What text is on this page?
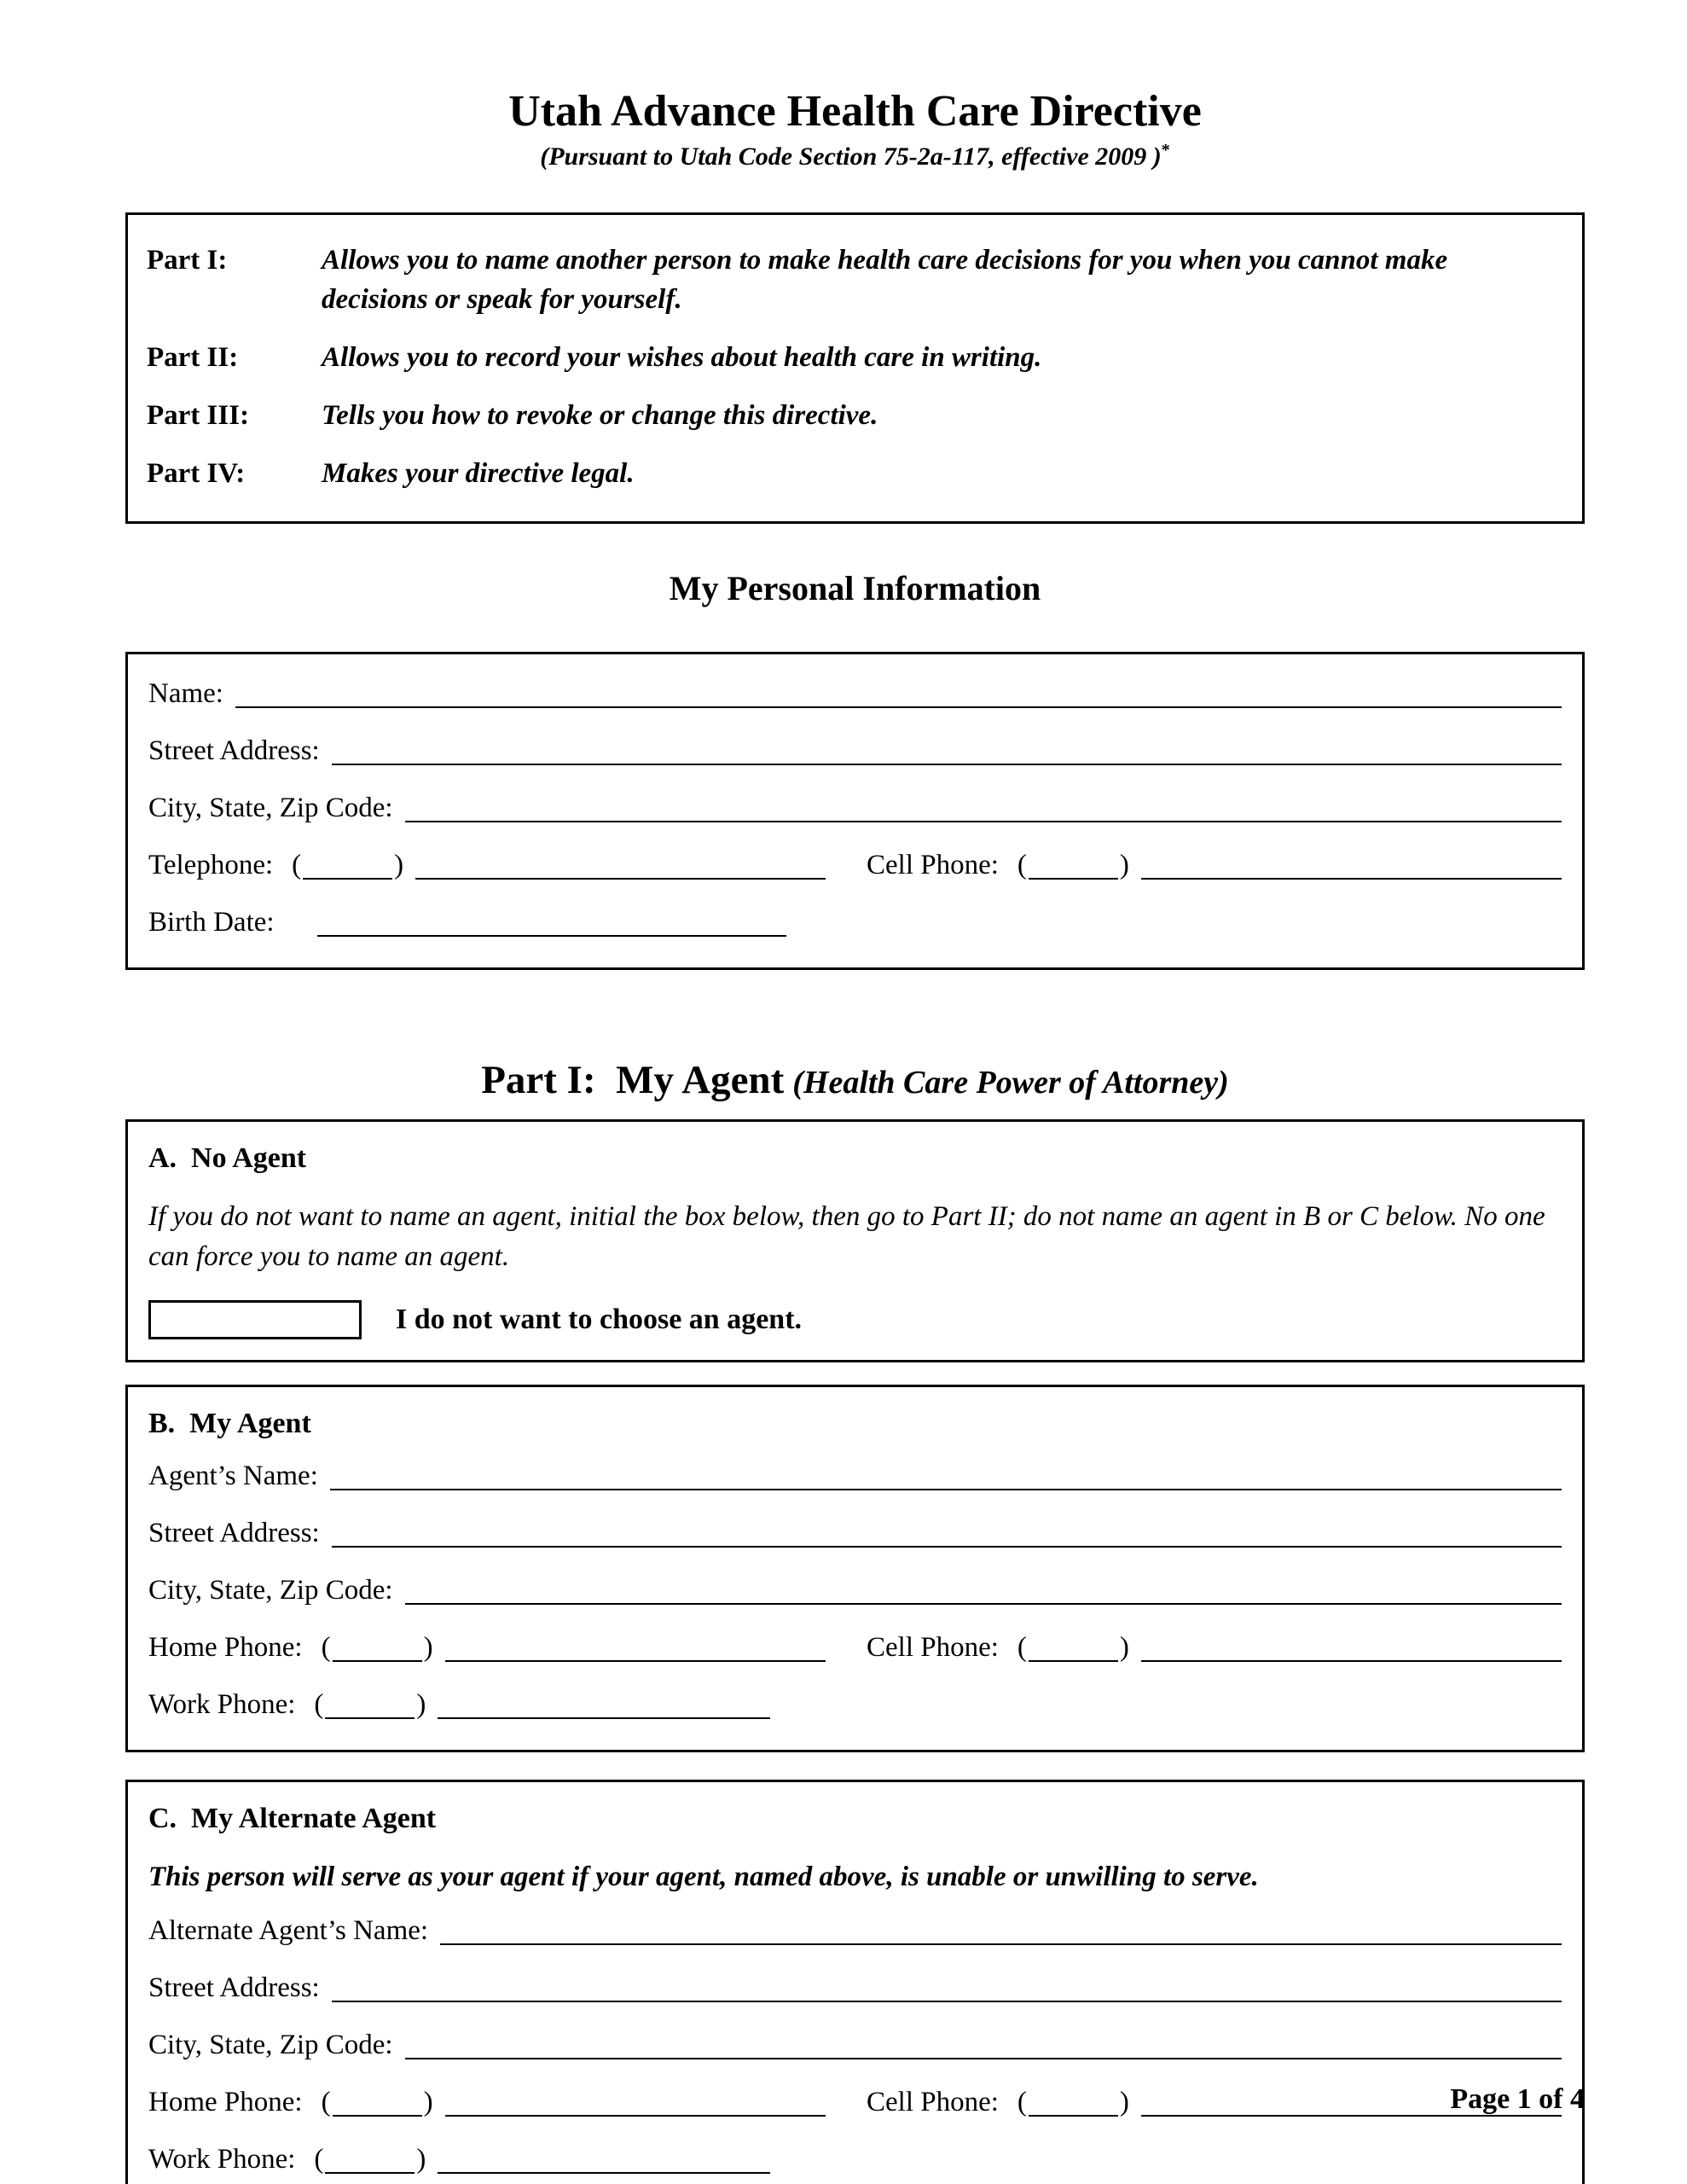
Utah Advance Health Care Directive
(Pursuant to Utah Code Section 75-2a-117, effective 2009 )*
Part I:	Allows you to name another person to make health care decisions for you when you cannot make decisions or speak for yourself.
Part II:	Allows you to record your wishes about health care in writing.
Part III:	Tells you how to revoke or change this directive.
Part IV:	Makes your directive legal.
My Personal Information
Name:
Street Address:
City, State, Zip Code:
Telephone: (	)	Cell Phone: (	)
Birth Date:
Part I:  My Agent (Health Care Power of Attorney)
A.  No Agent

If you do not want to name an agent, initial the box below, then go to Part II; do not name an agent in B or C below. No one can force you to name an agent.

I do not want to choose an agent.
B.  My Agent
Agent’s Name:
Street Address:
City, State, Zip Code:
Home Phone: (	)	Cell Phone: (	)
Work Phone: (	)
C.  My Alternate Agent

This person will serve as your agent if your agent, named above, is unable or unwilling to serve.

Alternate Agent’s Name:
Street Address:
City, State, Zip Code:
Home Phone: (	)	Cell Phone: (	)
Work Phone: (	)
Page 1 of 4
